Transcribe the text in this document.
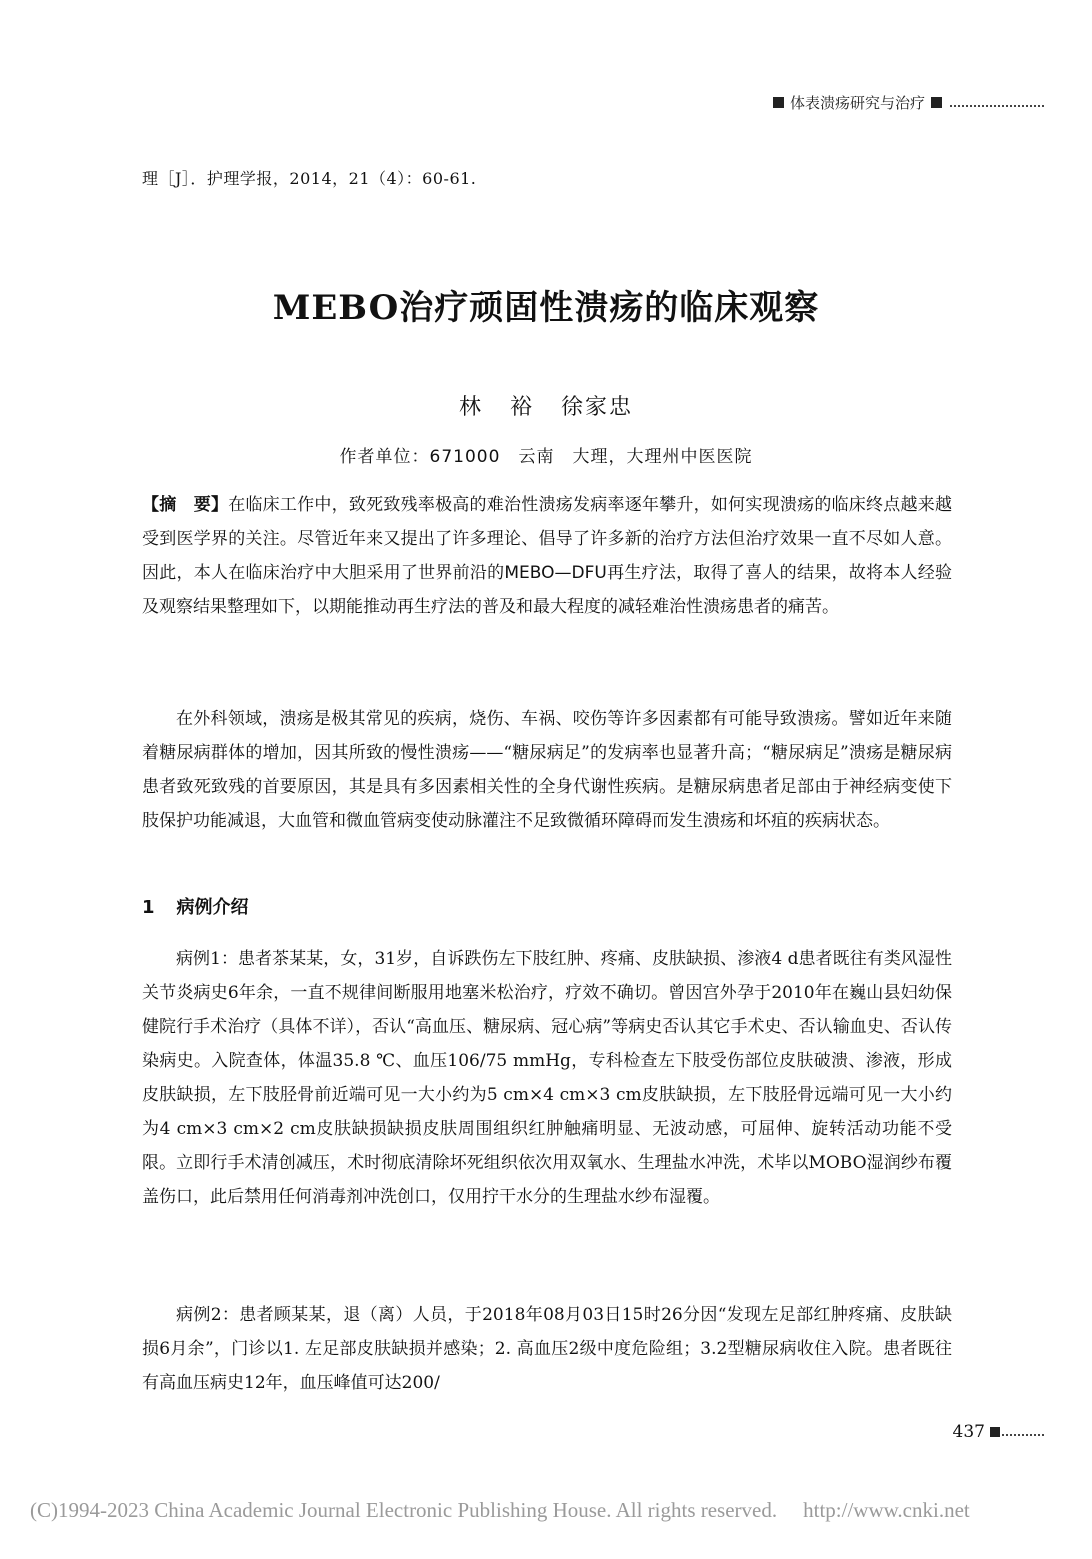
体表溃疡研究与治疗
理［J］．护理学报，2014，21（4）：60-61.
MEBO治疗顽固性溃疡的临床观察
林 裕 徐家忠
作者单位：671000　云南　大理，大理州中医医院
【摘　要】在临床工作中，致死致残率极高的难治性溃疡发病率逐年攀升，如何实现溃疡的临床终点越来越受到医学界的关注。尽管近年来又提出了许多理论、倡导了许多新的治疗方法但治疗效果一直不尽如人意。因此，本人在临床治疗中大胆采用了世界前沿的MEBO—DFU再生疗法，取得了喜人的结果，故将本人经验及观察结果整理如下，以期能推动再生疗法的普及和最大程度的减轻难治性溃疡患者的痛苦。
在外科领域，溃疡是极其常见的疾病，烧伤、车祸、咬伤等许多因素都有可能导致溃疡。譬如近年来随着糖尿病群体的增加，因其所致的慢性溃疡——“糖尿病足”的发病率也显著升高；“糖尿病足”溃疡是糖尿病患者致死致残的首要原因，其是具有多因素相关性的全身代谢性疾病。是糖尿病患者足部由于神经病变使下肢保护功能减退，大血管和微血管病变使动脉灌注不足致微循环障碍而发生溃疡和坏疽的疾病状态。
1 病例介绍
病例1：患者茶某某，女，31岁，自诉跌伤左下肢红肿、疼痛、皮肤缺损、渗液4 d患者既往有类风湿性关节炎病史6年余，一直不规律间断服用地塞米松治疗，疗效不确切。曾因宫外孕于2010年在巍山县妇幼保健院行手术治疗（具体不详），否认“高血压、糖尿病、冠心病”等病史否认其它手术史、否认输血史、否认传染病史。入院查体，体温35.8 ℃、血压106/75 mmHg，专科检查左下肢受伤部位皮肤破溃、渗液，形成皮肤缺损，左下肢胫骨前近端可见一大小约为5 cm×4 cm×3 cm皮肤缺损，左下肢胫骨远端可见一大小约为4 cm×3 cm×2 cm皮肤缺损缺损皮肤周围组织红肿触痛明显、无波动感，可屈伸、旋转活动功能不受限。立即行手术清创减压，术时彻底清除坏死组织依次用双氧水、生理盐水冲洗，术毕以MOBO湿润纱布覆盖伤口，此后禁用任何消毒剂冲洗创口，仅用拧干水分的生理盐水纱布湿覆。
病例2：患者顾某某，退（离）人员，于2018年08月03日15时26分因“发现左足部红肿疼痛、皮肤缺损6月余”，门诊以1. 左足部皮肤缺损并感染；2. 高血压2级中度危险组；3.2型糖尿病收住入院。患者既往有高血压病史12年，血压峰值可达200/
437
(C)1994-2023 China Academic Journal Electronic Publishing House. All rights reserved. http://www.cnki.net
